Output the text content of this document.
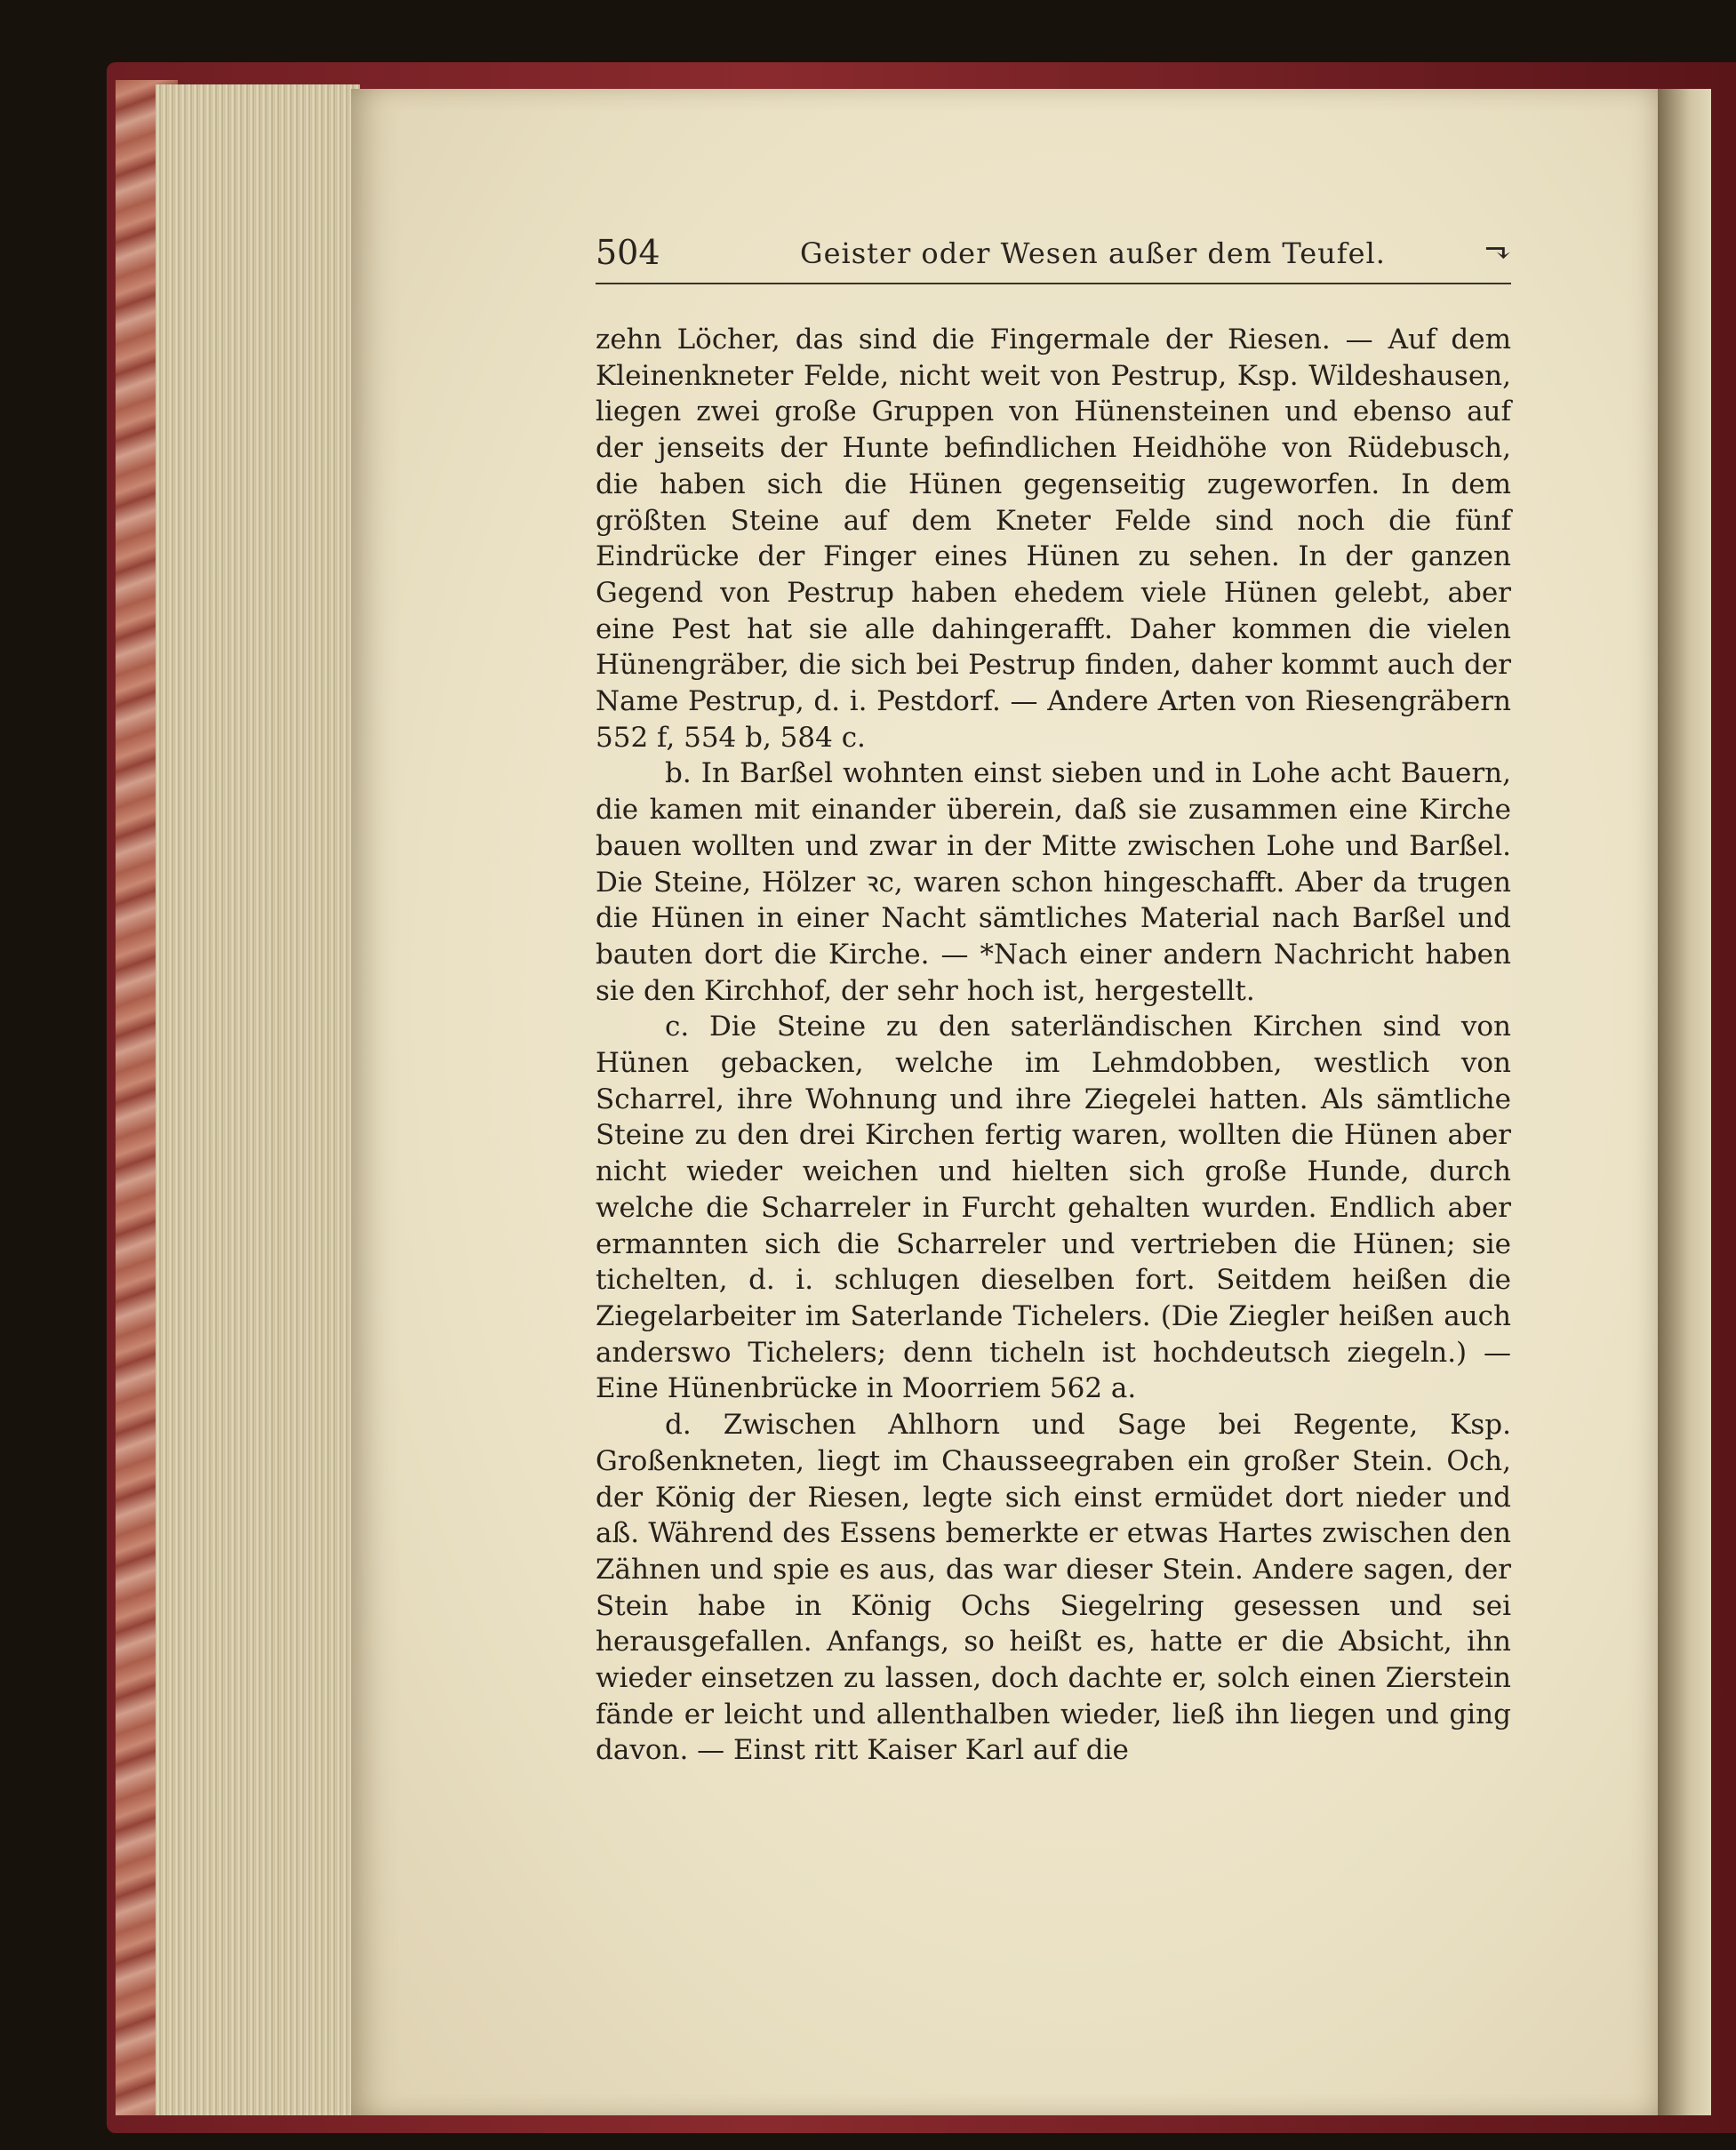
504	Geister oder Wesen außer dem Teufel.	⬎

zehn Löcher, das sind die Fingermale der Riesen. — Auf dem Kleinenkneter Felde, nicht weit von Pestrup, Ksp. Wildeshausen, liegen zwei große Gruppen von Hünensteinen und ebenso auf der jenseits der Hunte befindlichen Heidhöhe von Rüdebusch, die haben sich die Hünen gegenseitig zugeworfen. In dem größten Steine auf dem Kneter Felde sind noch die fünf Eindrücke der Finger eines Hünen zu sehen. In der ganzen Gegend von Pestrup haben ehedem viele Hünen gelebt, aber eine Pest hat sie alle dahingerafft. Daher kommen die vielen Hünengräber, die sich bei Pestrup finden, daher kommt auch der Name Pestrup, d. i. Pestdorf. — Andere Arten von Riesengräbern 552 f, 554 b, 584 c.

b. In Barßel wohnten einst sieben und in Lohe acht Bauern, die kamen mit einander überein, daß sie zusammen eine Kirche bauen wollten und zwar in der Mitte zwischen Lohe und Barßel. Die Steine, Hölzer ꝛc, waren schon hingeschafft. Aber da trugen die Hünen in einer Nacht sämtliches Material nach Barßel und bauten dort die Kirche. — *Nach einer andern Nachricht haben sie den Kirchhof, der sehr hoch ist, hergestellt.

c. Die Steine zu den saterländischen Kirchen sind von Hünen gebacken, welche im Lehmdobben, westlich von Scharrel, ihre Wohnung und ihre Ziegelei hatten. Als sämtliche Steine zu den drei Kirchen fertig waren, wollten die Hünen aber nicht wieder weichen und hielten sich große Hunde, durch welche die Scharreler in Furcht gehalten wurden. Endlich aber ermannten sich die Scharreler und vertrieben die Hünen; sie tichelten, d. i. schlugen dieselben fort. Seitdem heißen die Ziegelarbeiter im Saterlande Tichelers. (Die Ziegler heißen auch anderswo Tichelers; denn ticheln ist hochdeutsch ziegeln.) — Eine Hünenbrücke in Moorriem 562 a.

d. Zwischen Ahlhorn und Sage bei Regente, Ksp. Großenkneten, liegt im Chausseegraben ein großer Stein. Och, der König der Riesen, legte sich einst ermüdet dort nieder und aß. Während des Essens bemerkte er etwas Hartes zwischen den Zähnen und spie es aus, das war dieser Stein. Andere sagen, der Stein habe in König Ochs Siegelring gesessen und sei herausgefallen. Anfangs, so heißt es, hatte er die Absicht, ihn wieder einsetzen zu lassen, doch dachte er, solch einen Zierstein fände er leicht und allenthalben wieder, ließ ihn liegen und ging davon. — Einst ritt Kaiser Karl auf die
